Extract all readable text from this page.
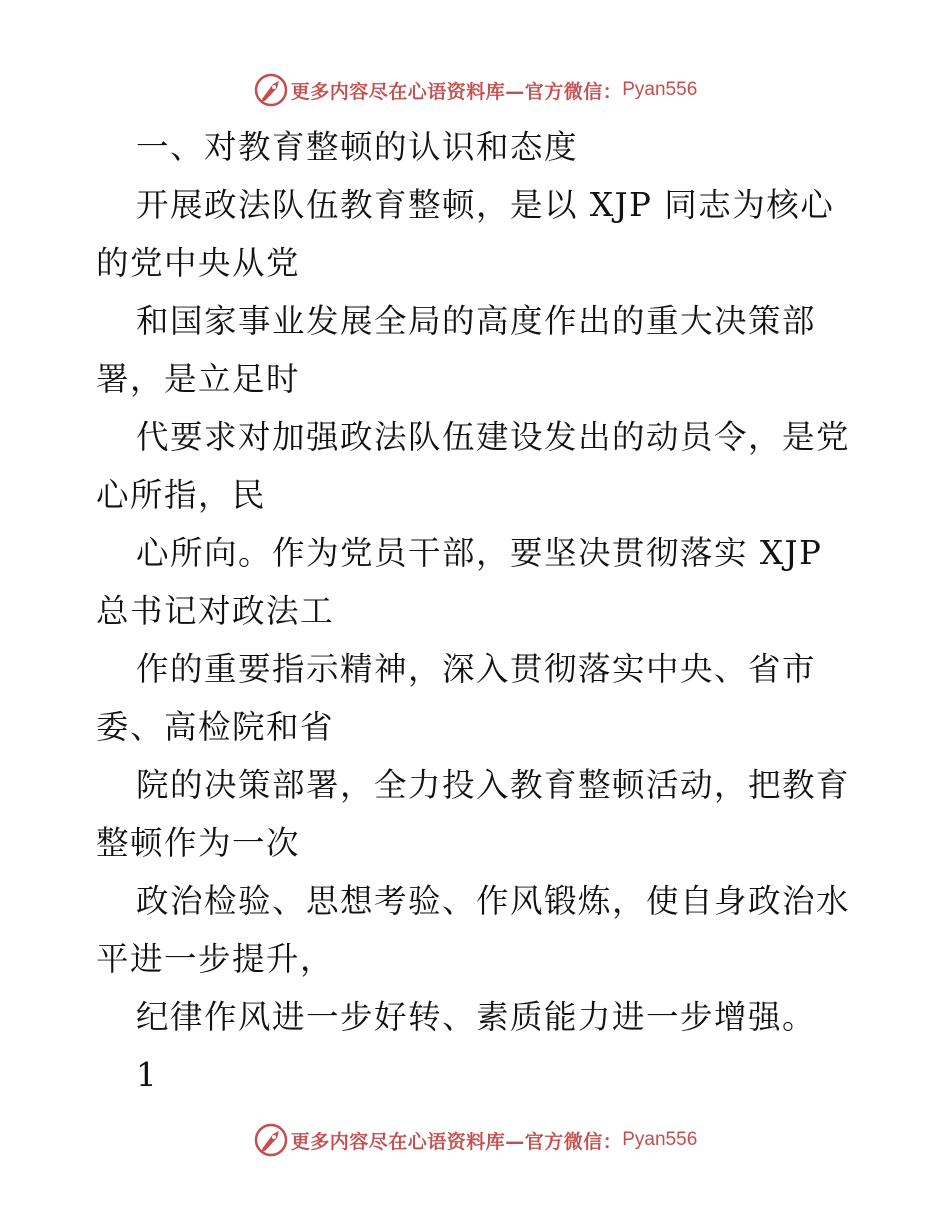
更多内容尽在心语资料库—官方微信： Pyan556
一、对教育整顿的认识和态度
开展政法队伍教育整顿，是以 XJP 同志为核心
的党中央从党
和国家事业发展全局的高度作出的重大决策部
署，是立足时
代要求对加强政法队伍建设发出的动员令，是党
心所指，民
心所向。作为党员干部，要坚决贯彻落实 XJP
总书记对政法工
作的重要指示精神，深入贯彻落实中央、省市
委、高检院和省
院的决策部署，全力投入教育整顿活动，把教育
整顿作为一次
政治检验、思想考验、作风锻炼，使自身政治水
平进一步提升，
纪律作风进一步好转、素质能力进一步增强。
1
更多内容尽在心语资料库—官方微信： Pyan556
